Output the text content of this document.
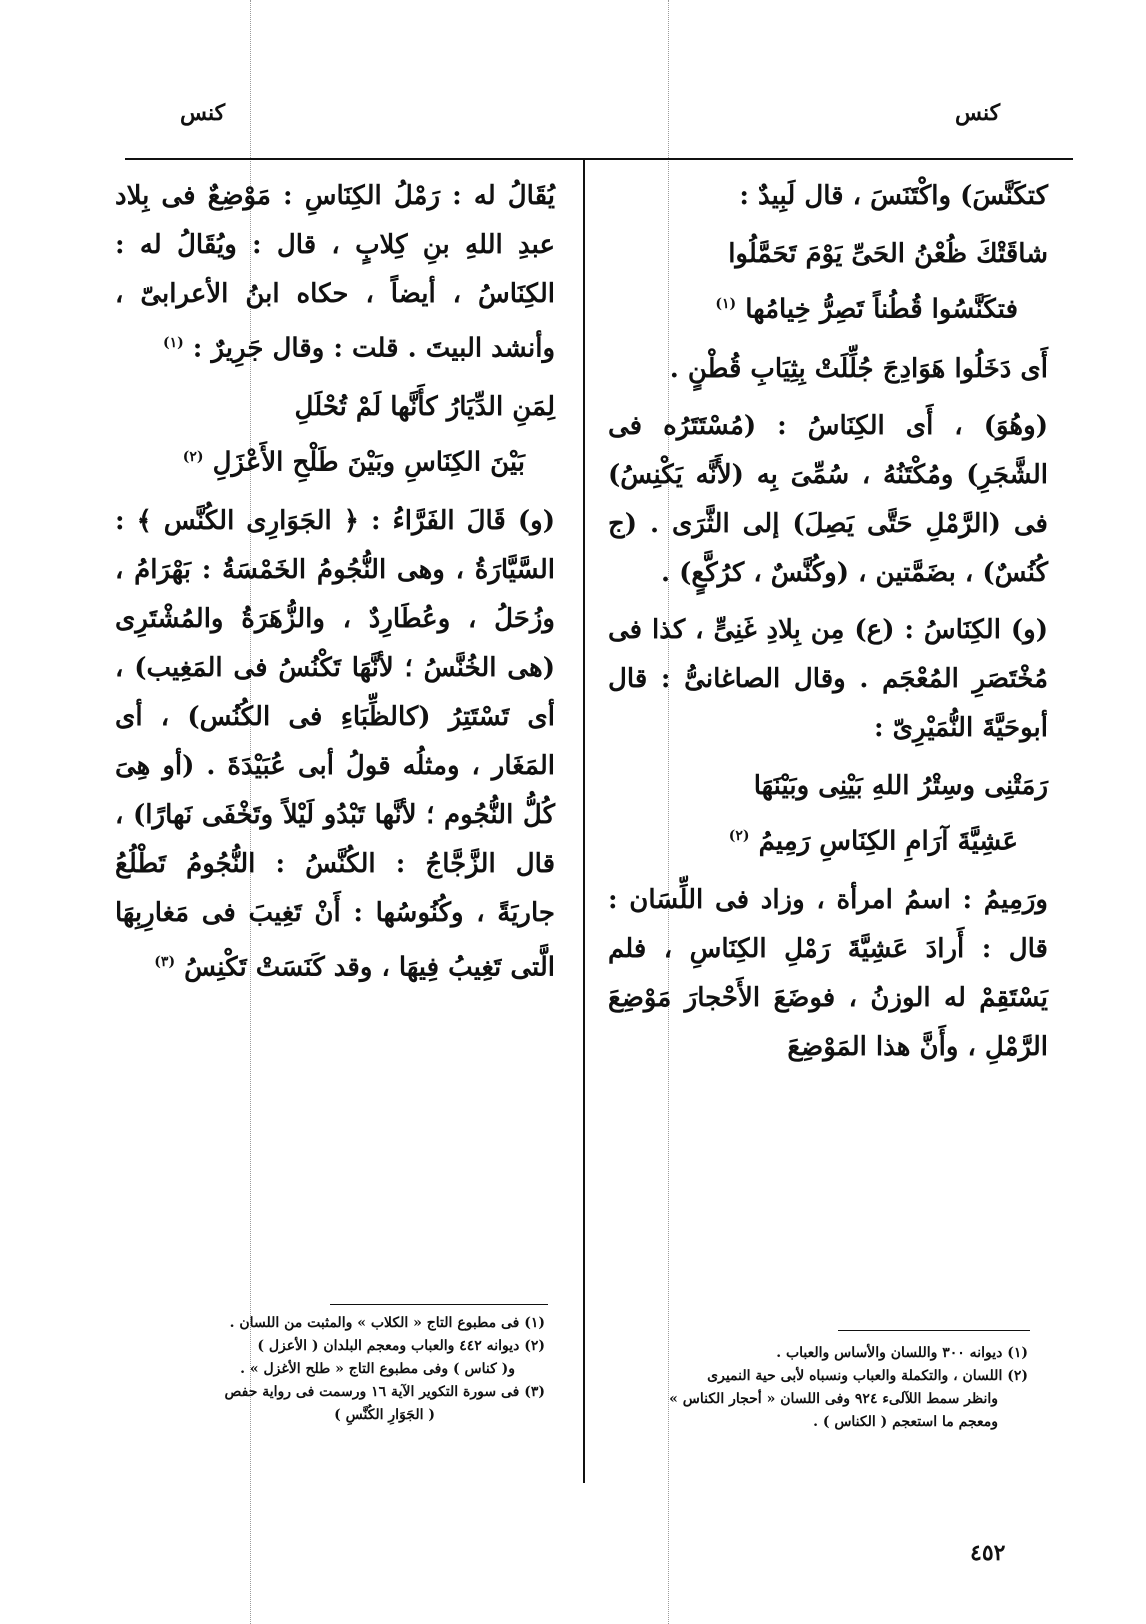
كنس
كنس

كتكَنَّسَ) واكْتَنَسَ ، قال لَبِيدٌ :

شاقَتْكَ ظُعْنُ الحَىِّ يَوْمَ تَحَمَّلُوا
فتكَنَّسُوا قُطُناً تَصِرُّ خِيامُها $^{(١)}$

أَى دَخَلُوا هَوَادِجَ جُلِّلَتْ بِثِيَابِ قُطْنٍ .

(وهُوَ) ، أَى الكِنَاسُ : (مُسْتَتَرُه فى الشَّجَرِ) ومُكْتَنُهُ ، سُمِّىَ بِه (لأَنَّه يَكْنِسُ) فى (الرَّمْلِ حَتَّى يَصِلَ) إلى الثَّرَى . (ج كُنُسٌ) ، بضَمَّتين ، (وكُنَّسٌ ، كرُكَّعٍ) .

(و) الكِنَاسُ : (ع) مِن بِلادِ غَنِىٍّ ، كذا فى مُخْتَصَرِ المُعْجَم . وقال الصاغانىُّ : قال أبوحَيَّةَ النُّمَيْرِىّ :

رَمَتْنِى وسِتْرُ اللهِ بَيْنِى وبَيْنَهَا
عَشِيَّةَ آرَامِ الكِنَاسِ رَمِيمُ $^{(٢)}$

ورَمِيمُ : اسمُ امرأة ، وزاد فى اللِّسَان : قال : أَرادَ عَشِيَّةَ رَمْلِ الكِنَاسِ ، فلم يَسْتَقِمْ له الوزنُ ، فوضَعَ الأَحْجارَ مَوْضِعَ الرَّمْلِ ، وأَنَّ هذا المَوْضِعَ

(١) ديوانه ٣٠٠ واللسان والأساس والعباب .
(٢) اللسان ، والتكملة والعباب ونسباه لأبى حية النميرى
وانظر سمط اللآلىء ٩٢٤ وفى اللسان « أحجار الكناس »
ومعجم ما استعجم ( الكناس ) .

يُقَالُ له : رَمْلُ الكِنَاسِ : مَوْضِعٌ فى بِلاد عبدِ اللهِ بنِ كِلابٍ ، قال : ويُقَالُ له : الكِنَاسُ ، أيضاً ، حكاه ابنُ الأعرابىّ ، وأنشد البيتَ . قلت : وقال جَرِيرٌ : $^{(١)}$

لِمَنِ الدِّيَارُ كأَنَّها لَمْ تُحْلَلِ
بَيْنَ الكِنَاسِ وبَيْنَ طَلْحِ الأَعْزَلِ $^{(٢)}$

(و) قَالَ الفَرَّاءُ : ﴿ الجَوَارِى الكُنَّس ﴾ : السَّيَّارَةُ ، وهى النُّجُومُ الخَمْسَةُ : بَهْرَامُ ، وزُحَلُ ، وعُطَارِدٌ ، والزُّهَرَةُ والمُشْتَرِى (هى الخُنَّسُ ؛ لأنَّهَا تَكْنُسُ فى المَغِيب) ، أى تَسْتَتِرُ (كالظِّبَاءِ فى الكُنُس) ، أى المَغَار ، ومثلُه قولُ أبى عُبَيْدَةَ . (أو هِىَ كُلُّ النُّجُوم ؛ لأنَّها تَبْدُو لَيْلاً وتَخْفَى نَهارًا) ، قال الزَّجَّاجُ : الكُنَّسُ : النُّجُومُ تَطْلُعُ جاريَةً ، وكُنُوسُها : أَنْ تَغِيبَ فى مَغارِبِهَا الَّتى تَغِيبُ فِيهَا ، وقد كَنَسَتْ تَكْنِسُ $^{(٣)}$

(١) فى مطبوع التاج « الكلاب » والمثبت من اللسان .
(٢) ديوانه ٤٤٢ والعباب ومعجم البلدان ( الأعزل )
و( كناس ) وفى مطبوع التاج « طلح الأغزل » .
(٣) فى سورة التكوير الآية ١٦ ورسمت فى رواية حفص
( الجَوَارِ الكُنَّسِ )
٤٥٢
